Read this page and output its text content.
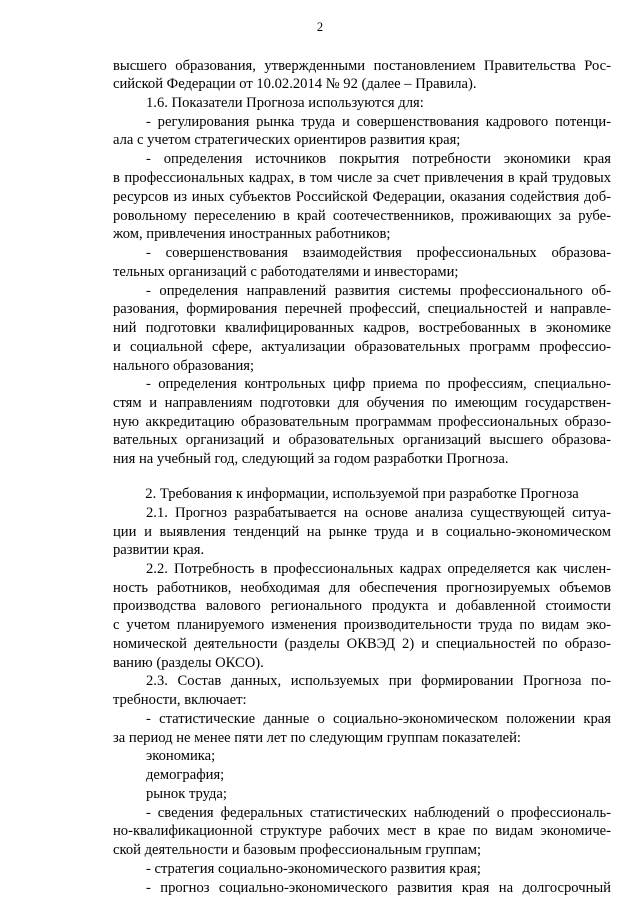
2
высшего образования, утвержденными постановлением Правительства Рос-
сийской Федерации от 10.02.2014 № 92 (далее – Правила).
1.6. Показатели Прогноза используются для:
- регулирования рынка труда и совершенствования кадрового потенци-
ала с учетом стратегических ориентиров развития края;
- определения источников покрытия потребности экономики края
в профессиональных кадрах, в том числе за счет привлечения в край трудовых
ресурсов из иных субъектов Российской Федерации, оказания содействия доб-
ровольному переселению в край соотечественников, проживающих за рубе-
жом, привлечения иностранных работников;
- совершенствования взаимодействия профессиональных образова-
тельных организаций с работодателями и инвесторами;
- определения направлений развития системы профессионального об-
разования, формирования перечней профессий, специальностей и направле-
ний подготовки квалифицированных кадров, востребованных в экономике
и социальной сфере, актуализации образовательных программ профессио-
нального образования;
- определения контрольных цифр приема по профессиям, специально-
стям и направлениям подготовки для обучения по имеющим государствен-
ную аккредитацию образовательным программам профессиональных образо-
вательных организаций и образовательных организаций высшего образова-
ния на учебный год, следующий за годом разработки Прогноза.
2. Требования к информации, используемой при разработке Прогноза
2.1. Прогноз разрабатывается на основе анализа существующей ситуа-
ции и выявления тенденций на рынке труда и в социально-экономическом
развитии края.
2.2. Потребность в профессиональных кадрах определяется как числен-
ность работников, необходимая для обеспечения прогнозируемых объемов
производства валового регионального продукта и добавленной стоимости
с учетом планируемого изменения производительности труда по видам эко-
номической деятельности (разделы ОКВЭД 2) и специальностей по образо-
ванию (разделы ОКСО).
2.3. Состав данных, используемых при формировании Прогноза по-
требности, включает:
- статистические данные о социально-экономическом положении края
за период не менее пяти лет по следующим группам показателей:
экономика;
демография;
рынок труда;
- сведения федеральных статистических наблюдений о профессиональ-
но-квалификационной структуре рабочих мест в крае по видам экономиче-
ской деятельности и базовым профессиональным группам;
- стратегия социально-экономического развития края;
- прогноз социально-экономического развития края на долгосрочный
